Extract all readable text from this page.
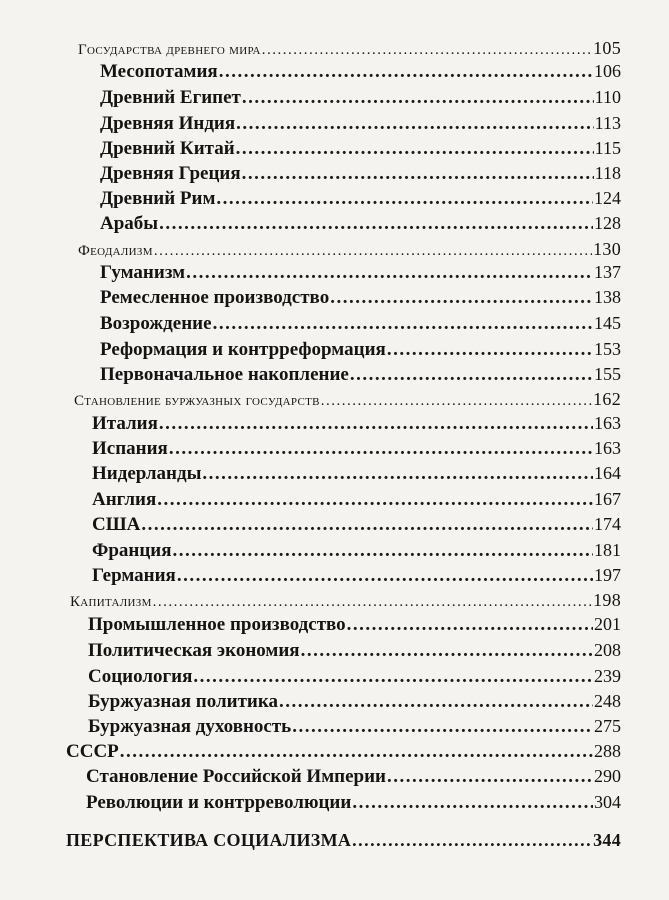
Государства древнего мира .....	105
Месопотамия .....	106
Древний Египет .....	110
Древняя Индия .....	113
Древний Китай .....	115
Древняя Греция .....	118
Древний Рим .....	124
Арабы .....	128
Феодализм .....	130
Гуманизм .....	137
Ремесленное производство .....	138
Возрождение .....	145
Реформация и контрреформация .....	153
Первоначальное накопление .....	155
Становление буржуазных государств .....	162
Италия .....	163
Испания .....	163
Нидерланды .....	164
Англия .....	167
США .....	174
Франция .....	181
Германия .....	197
Капитализм .....	198
Промышленное производство .....	201
Политическая экономия .....	208
Социология .....	239
Буржуазная политика .....	248
Буржуазная духовность .....	275
СССР .....	288
Становление Российской Империи .....	290
Революции и контрреволюции .....	304
ПЕРСПЕКТИВА СОЦИАЛИЗМА .....	344
